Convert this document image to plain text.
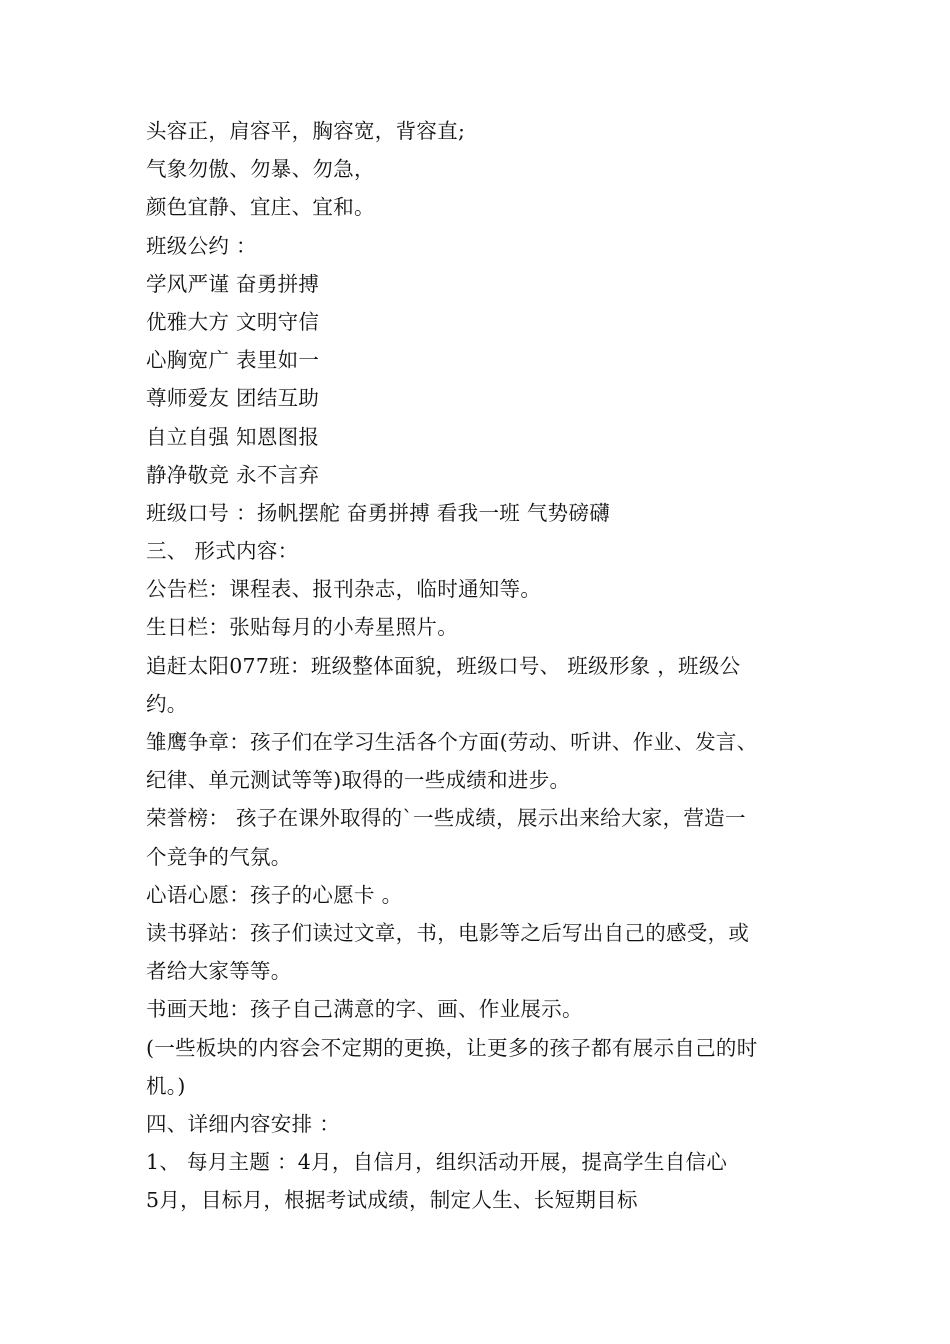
头容正，肩容平，胸容宽，背容直;
气象勿傲、勿暴、勿急，
颜色宜静、宜庄、宜和。
班级公约 ：
学风严谨 奋勇拼搏
优雅大方 文明守信
心胸宽广 表里如一
尊师爱友 团结互助
自立自强 知恩图报
静净敬竞 永不言弃
班级口号 ：扬帆摆舵 奋勇拼搏 看我一班 气势磅礴
三、 形式内容：
公告栏：课程表、报刊杂志，临时通知等。
生日栏：张贴每月的小寿星照片。
追赶太阳077班：班级整体面貌，班级口号、 班级形象 ，班级公
约。
雏鹰争章：孩子们在学习生活各个方面(劳动、听讲、作业、发言、
纪律、单元测试等等)取得的一些成绩和进步。
荣誉榜： 孩子在课外取得的`一些成绩，展示出来给大家，营造一
个竞争的气氛。
心语心愿：孩子的心愿卡 。
读书驿站：孩子们读过文章，书，电影等之后写出自己的感受，或
者给大家等等。
书画天地：孩子自己满意的字、画、作业展示。
(一些板块的内容会不定期的更换，让更多的孩子都有展示自己的时
机。)
四、详细内容安排 ：
1、 每月主题 ：4月，自信月，组织活动开展，提高学生自信心
5月，目标月，根据考试成绩，制定人生、长短期目标
